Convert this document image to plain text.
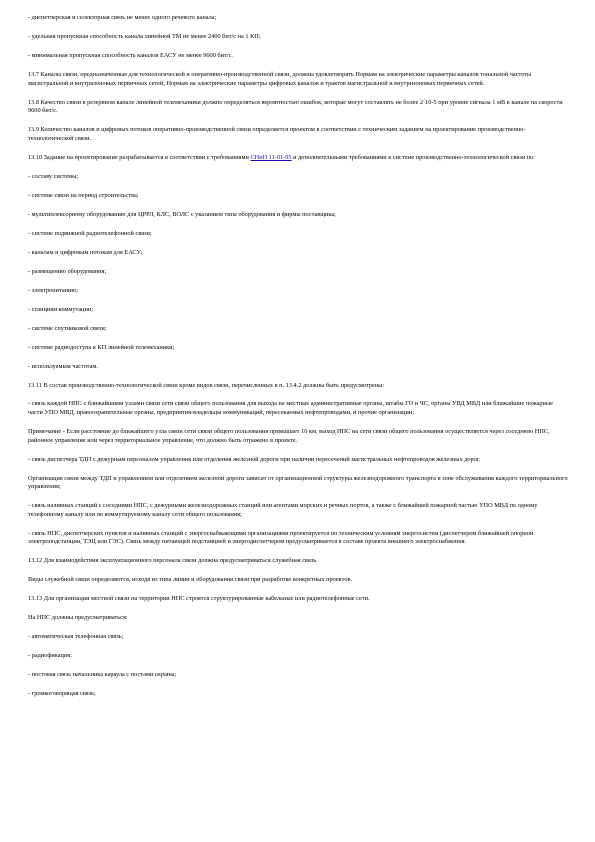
- диспетчерская и селекторная связь не менее одного речевого канала;

- удельная пропускная способность канала линейной ТМ не менее 2400 бит/с на 1 КП;

- минимальная пропускная способность каналов ЕАСУ не менее 9600 бит/с.

13.7 Каналы связи, предназначенные для технологической и оперативно-производственной связи, должны удовлетворять Нормам на электрические параметры каналов тональной частоты магистральной и внутризоновых первичных сетей, Нормам на электрические параметры цифровых каналов и трактов магистральной и внутризоновых первичных сетей.

13.8 Качество связи в резервном канале линейной телемеханики должно определяться вероятностью ошибок, которые могут составлять не более 2´10-5 при уровне сигнала 1 мВ в канале на скорости 9600 бит/с.

13.9 Количество каналов и цифровых потоков оперативно-производственной связи определяется проектом в соответствии с техническим заданием на проектирование производственно-технологической связи.

13.10 Задание на проектирование разрабатывается в соответствии с требованиями СНиП 11-01-95 и дополнительными требованиями к системе производственно-технологической связи по:

- составу системы;

- системе связи на период строительства;

- мультиплексорному оборудованию для ЦРРЛ, КЛС, ВОЛС с указанием типа оборудования и фирмы поставщика;

- системе подвижной радиотелефонной связи;

- каналам и цифровым потокам для ЕАСУ;

- размещению оборудования;

- электропитанию;

- станциям коммутации;

- системе спутниковой связи;

- системе радиодоступа к КП линейной телемеханики;

- используемым частотам.

13.11 В состав производственно-технологической связи кроме видов связи, перечисленных в п. 13.4.2 должны быть предусмотрены:

- связь каждой НПС с ближайшими узлами связи сети связи общего пользования для выхода на местные административные органы, штабы ГО и ЧС, органы УВД МВД или ближайшие пожарные части УПО МВД, правоохранительные органы, предприятия-владельцы коммуникаций, пересекаемых нефтепроводами, и прочие организации;

Примечание - Если расстояние до ближайшего узла связи сети связи общего пользования превышает 10 км, выход НПС на сети связи общего пользования осуществляется через соседнюю НПС, районное управление или через территориальное управление, что должно быть отражено в проекте.

- связь диспетчера ТДП с дежурным персоналом управления или отделения железной дороги при наличии пересечений магистральных нефтепроводов железных дорог.

Организация связи между ТДП и управлением или отделением железной дороги зависит от организационной структуры железнодорожного транспорта в зоне обслуживания каждого территориального управления;

- связь наливных станций с соседними НПС, с дежурными железнодорожных станций или агентами морских и речных портов, а также с ближайшей пожарной частью УПО МВД по одному телефонному каналу или по коммутируемому каналу сети общего пользования;

- связь НПС, диспетчерских пунктов и наливных станций с энергоснабжающими организациями проектируется по техническим условиям энергосистем (диспетчером ближайшей опорной электроподстанции, ТЭЦ или ГЭС). Связь между питающей подстанцией и энергодиспетчером предусматривается в составе проекта внешнего электроснабжения.

13.12 Для взаимодействия эксплуатационного персонала связи должна предусматриваться служебная связь.

Виды служебной связи определяются, исходя из типа линии и оборудования связи при разработке конкретных проектов.

13.13 Для организации местной связи на территории НПС строятся структурированные кабельные или радиотелефонные сети.

На НПС должны предусматриваться:

- автоматическая телефонная связь;

- радиофикация;

- постовая связь начальника караула с постами охраны;

- громкоговорящая связь;
